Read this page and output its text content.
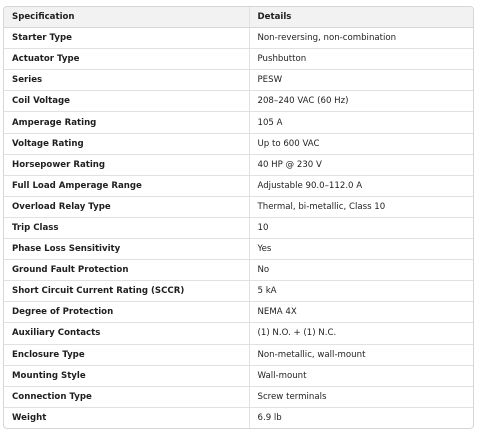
Specification	Details
Starter Type	Non-reversing, non-combination
Actuator Type	Pushbutton
Series	PESW
Coil Voltage	208–240 VAC (60 Hz)
Amperage Rating	105 A
Voltage Rating	Up to 600 VAC
Horsepower Rating	40 HP @ 230 V
Full Load Amperage Range	Adjustable 90.0–112.0 A
Overload Relay Type	Thermal, bi-metallic, Class 10
Trip Class	10
Phase Loss Sensitivity	Yes
Ground Fault Protection	No
Short Circuit Current Rating (SCCR)	5 kA
Degree of Protection	NEMA 4X
Auxiliary Contacts	(1) N.O. + (1) N.C.
Enclosure Type	Non-metallic, wall-mount
Mounting Style	Wall-mount
Connection Type	Screw terminals
Weight	6.9 lb
